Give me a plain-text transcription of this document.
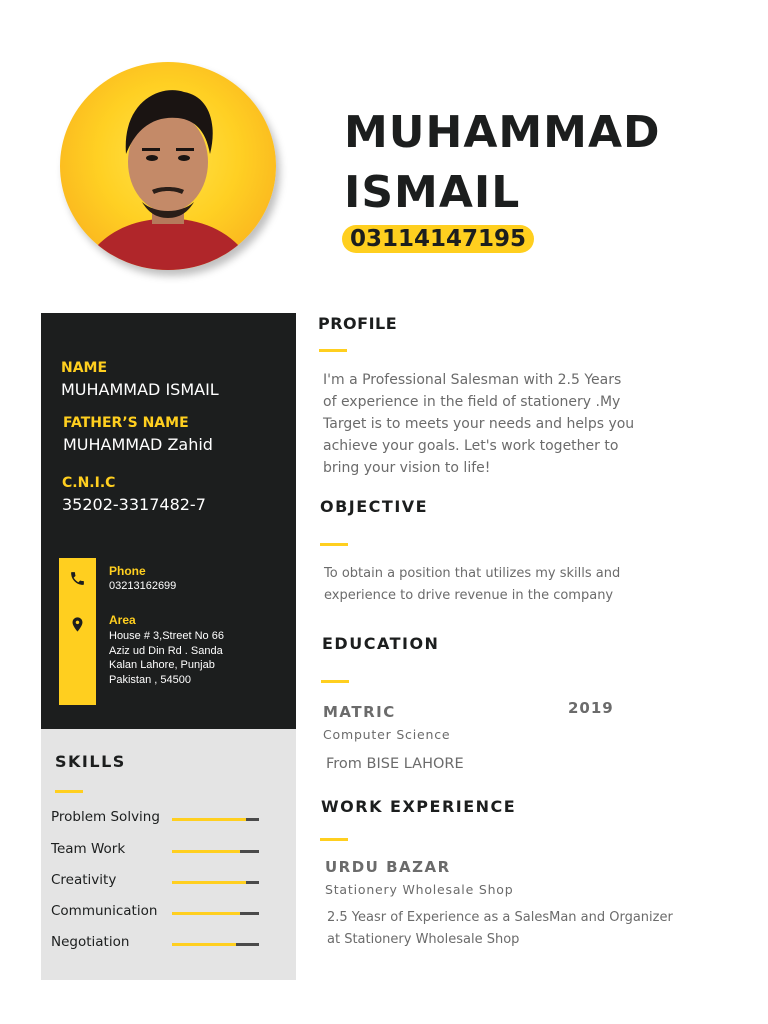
MUHAMMAD
ISMAIL
03114147195
NAME
MUHAMMAD ISMAIL
FATHER’S NAME
MUHAMMAD Zahid
C.N.I.C
35202-3317482-7
Phone
03213162699
Area
House # 3,Street No 66
Aziz ud Din Rd . Sanda
Kalan Lahore, Punjab
Pakistan , 54500
SKILLS
Problem Solving
Team Work
Creativity
Communication
Negotiation
PROFILE
I'm a Professional Salesman with 2.5 Years
of experience in the field of stationery .My
Target is to meets your needs and helps you
achieve your goals. Let's work together to
bring your vision to life!
OBJECTIVE
To obtain a position that utilizes my skills and
experience to drive revenue in the company
EDUCATION
MATRIC	2019
Computer Science
From BISE LAHORE
WORK EXPERIENCE
URDU BAZAR
Stationery Wholesale Shop
2.5 Yeasr of Experience as a SalesMan and Organizer
at Stationery Wholesale Shop
